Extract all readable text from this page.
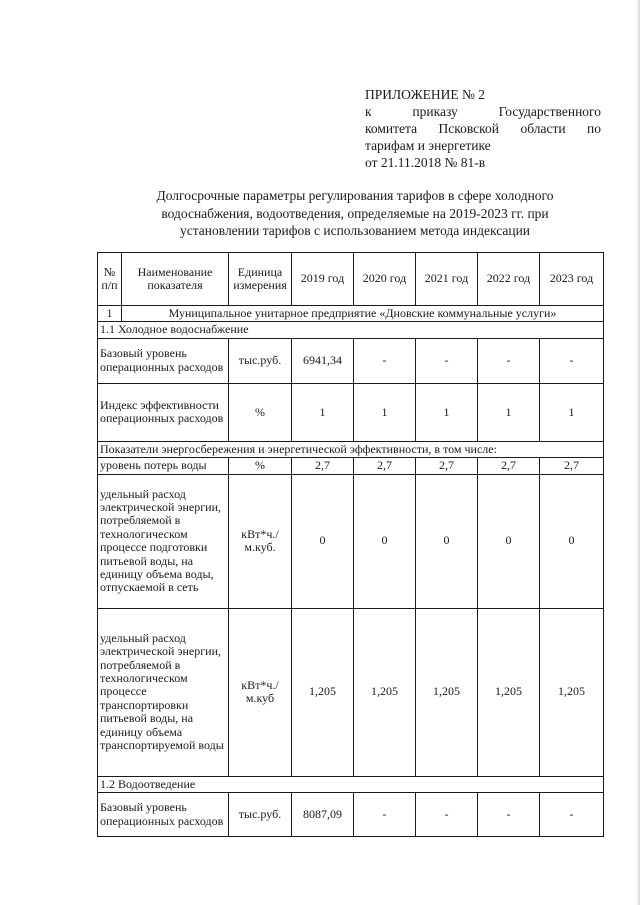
ПРИЛОЖЕНИЕ № 2
к приказу Государственного
комитета Псковской области по
тарифам и энергетике
от 21.11.2018 № 81-в
Долгосрочные параметры регулирования тарифов в сфере холодного
водоснабжения, водоотведения, определяемые на 2019-2023 гг. при
установлении тарифов с использованием метода индексации
№ п/п	Наименование показателя	Единица измерения	2019 год	2020 год	2021 год	2022 год	2023 год
1	Муниципальное унитарное предприятие «Дновские коммунальные услуги»						
1.1 Холодное водоснабжение							
Базовый уровень операционных расходов		тыс.руб.	6941,34	-	-	-	-
Индекс эффективности операционных расходов		%	1	1	1	1	1
Показатели энергосбережения и энергетической эффективности, в том числе:							
уровень потерь воды		%	2,7	2,7	2,7	2,7	2,7
удельный расход электрической энергии, потребляемой в технологическом процессе подготовки питьевой воды, на единицу объема воды, отпускаемой в сеть		кВт*ч./м.куб.	0	0	0	0	0
удельный расход электрической энергии, потребляемой в технологическом процессе транспортировки питьевой воды, на единицу объема транспортируемой воды		кВт*ч./м.куб	1,205	1,205	1,205	1,205	1,205
1.2 Водоотведение							
Базовый уровень операционных расходов		тыс.руб.	8087,09	-	-	-	-
